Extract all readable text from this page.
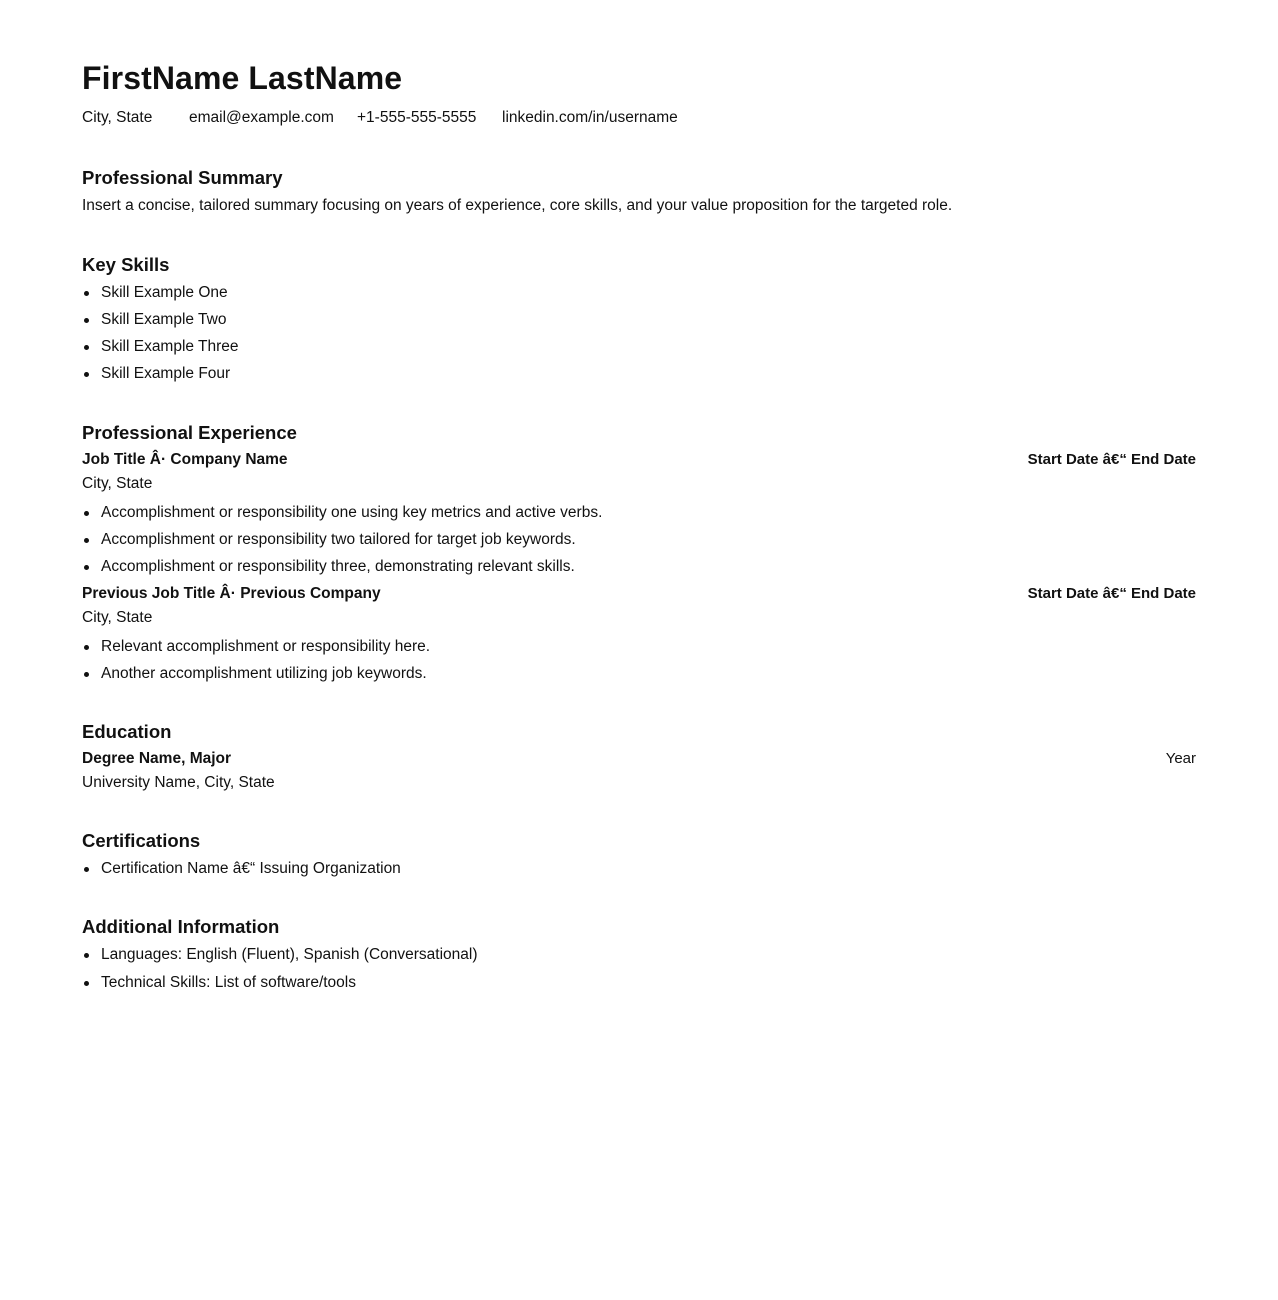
FirstName LastName
City, State	email@example.com	+1-555-555-5555	linkedin.com/in/username
Professional Summary

Insert a concise, tailored summary focusing on years of experience, core skills, and your value proposition for the targeted role.

Key Skills
Skill Example One
Skill Example Two
Skill Example Three
Skill Example Four
Professional Experience
Job Title Â· Company Name	Start Date â€“ End Date

City, State

Accomplishment or responsibility one using key metrics and active verbs.
Accomplishment or responsibility two tailored for target job keywords.
Accomplishment or responsibility three, demonstrating relevant skills.
Previous Job Title Â· Previous Company	Start Date â€“ End Date

City, State

Relevant accomplishment or responsibility here.
Another accomplishment utilizing job keywords.
Education
Degree Name, Major	Year

University Name, City, State

Certifications
Certification Name â€“ Issuing Organization
Additional Information
Languages: English (Fluent), Spanish (Conversational)
Technical Skills: List of software/tools
